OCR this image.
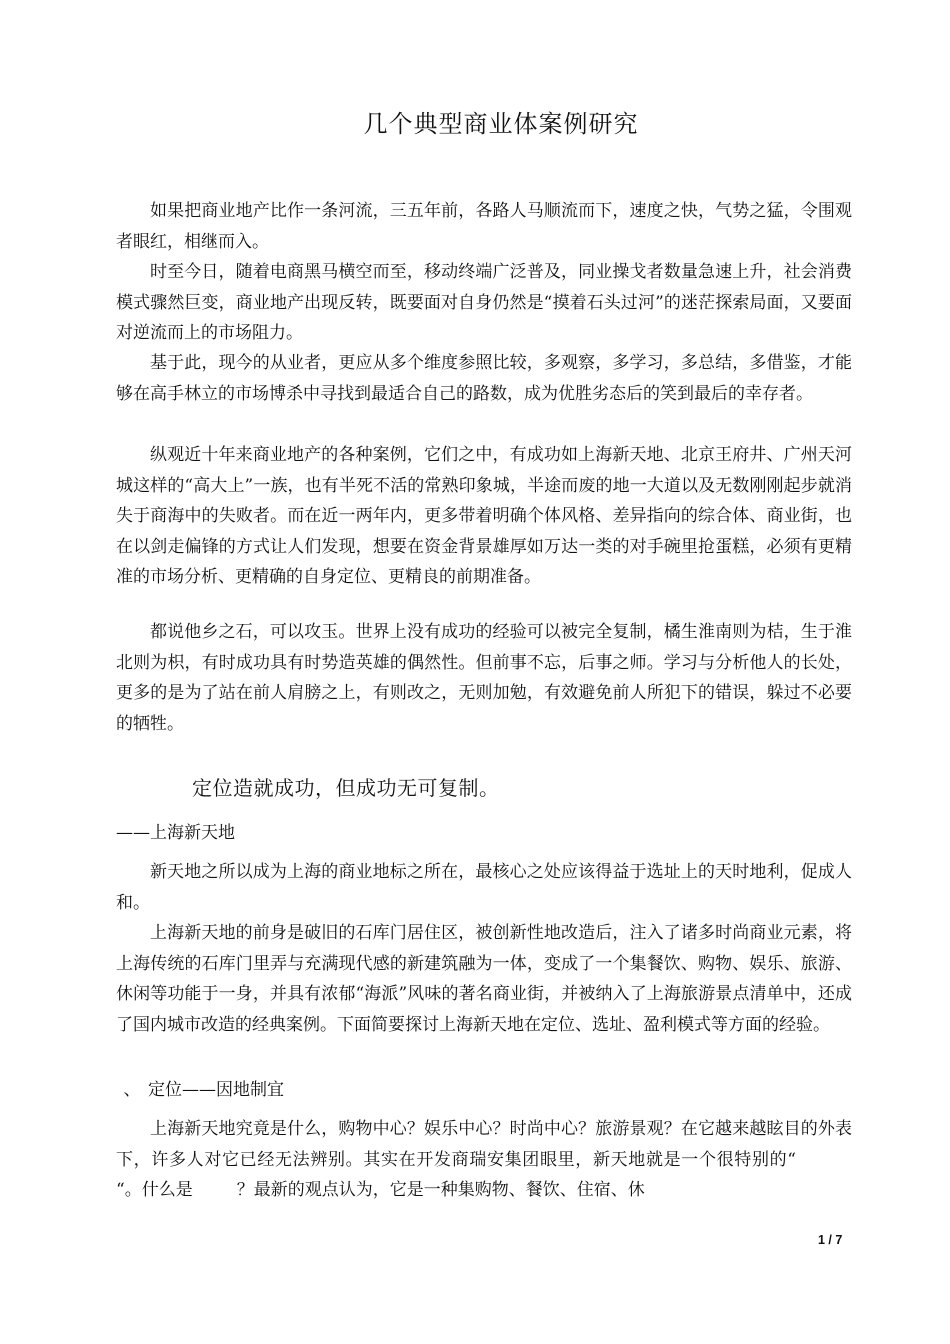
几个典型商业体案例研究

如果把商业地产比作一条河流，三五年前，各路人马顺流而下，速度之快，气势之猛，令围观者眼红，相继而入。

时至今日，随着电商黑马横空而至，移动终端广泛普及，同业操戈者数量急速上升，社会消费模式骤然巨变，商业地产出现反转，既要面对自身仍然是“摸着石头过河”的迷茫探索局面，又要面对逆流而上的市场阻力。

基于此，现今的从业者，更应从多个维度参照比较，多观察，多学习，多总结，多借鉴，才能够在高手林立的市场博杀中寻找到最适合自己的路数，成为优胜劣态后的笑到最后的幸存者。

纵观近十年来商业地产的各种案例，它们之中，有成功如上海新天地、北京王府井、广州天河城这样的“高大上”一族，也有半死不活的常熟印象城，半途而废的地一大道以及无数刚刚起步就消失于商海中的失败者。而在近一两年内，更多带着明确个体风格、差异指向的综合体、商业街，也在以剑走偏锋的方式让人们发现，想要在资金背景雄厚如万达一类的对手碗里抢蛋糕，必须有更精准的市场分析、更精确的自身定位、更精良的前期准备。

都说他乡之石，可以攻玉。世界上没有成功的经验可以被完全复制，橘生淮南则为桔，生于淮北则为枳，有时成功具有时势造英雄的偶然性。但前事不忘，后事之师。学习与分析他人的长处，更多的是为了站在前人肩膀之上，有则改之，无则加勉，有效避免前人所犯下的错误，躲过不必要的牺牲。

定位造就成功，但成功无可复制。
——上海新天地

新天地之所以成为上海的商业地标之所在，最核心之处应该得益于选址上的天时地利，促成人和。

上海新天地的前身是破旧的石库门居住区，被创新性地改造后，注入了诸多时尚商业元素，将上海传统的石库门里弄与充满现代感的新建筑融为一体，变成了一个集餐饮、购物、娱乐、旅游、休闲等功能于一身，并具有浓郁“海派”风味的著名商业街，并被纳入了上海旅游景点清单中，还成了国内城市改造的经典案例。下面简要探讨上海新天地在定位、选址、盈利模式等方面的经验。

、 定位——因地制宜

上海新天地究竟是什么，购物中心？娱乐中心？时尚中心？旅游景观？在它越来越眩目的外表下，许多人对它已经无法辨别。其实在开发商瑞安集团眼里，新天地就是一个很特别的““。什么是	？最新的观点认为，它是一种集购物、餐饮、住宿、休

1 / 7
